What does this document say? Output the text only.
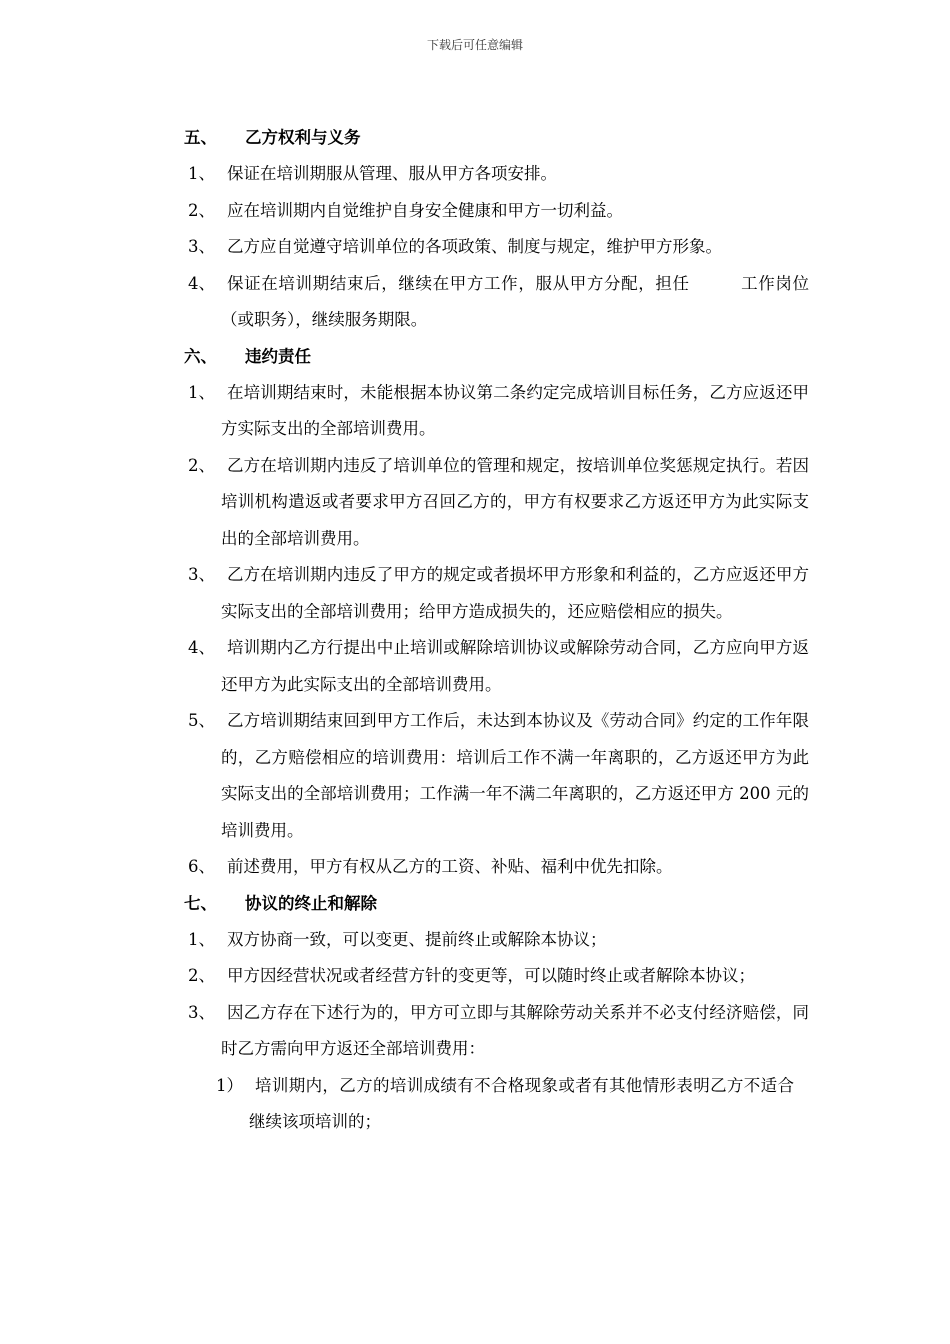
下载后可任意编辑
五、 乙方权利与义务
1、 保证在培训期服从管理、服从甲方各项安排。
2、 应在培训期内自觉维护自身安全健康和甲方一切利益。
3、 乙方应自觉遵守培训单位的各项政策、制度与规定，维护甲方形象。
4、 保证在培训期结束后，继续在甲方工作，服从甲方分配，担任　　　工作岗位（或职务），继续服务期限。
六、 违约责任
1、 在培训期结束时，未能根据本协议第二条约定完成培训目标任务，乙方应返还甲方实际支出的全部培训费用。
2、 乙方在培训期内违反了培训单位的管理和规定，按培训单位奖惩规定执行。若因培训机构遣返或者要求甲方召回乙方的，甲方有权要求乙方返还甲方为此实际支出的全部培训费用。
3、 乙方在培训期内违反了甲方的规定或者损坏甲方形象和利益的，乙方应返还甲方实际支出的全部培训费用；给甲方造成损失的，还应赔偿相应的损失。
4、 培训期内乙方行提出中止培训或解除培训协议或解除劳动合同，乙方应向甲方返还甲方为此实际支出的全部培训费用。
5、 乙方培训期结束回到甲方工作后，未达到本协议及《劳动合同》约定的工作年限的，乙方赔偿相应的培训费用：培训后工作不满一年离职的，乙方返还甲方为此实际支出的全部培训费用；工作满一年不满二年离职的，乙方返还甲方 200 元的培训费用。
6、 前述费用，甲方有权从乙方的工资、补贴、福利中优先扣除。
七、 协议的终止和解除
1、 双方协商一致，可以变更、提前终止或解除本协议；
2、 甲方因经营状况或者经营方针的变更等，可以随时终止或者解除本协议；
3、 因乙方存在下述行为的，甲方可立即与其解除劳动关系并不必支付经济赔偿，同时乙方需向甲方返还全部培训费用：
1） 培训期内，乙方的培训成绩有不合格现象或者有其他情形表明乙方不适合继续该项培训的；
